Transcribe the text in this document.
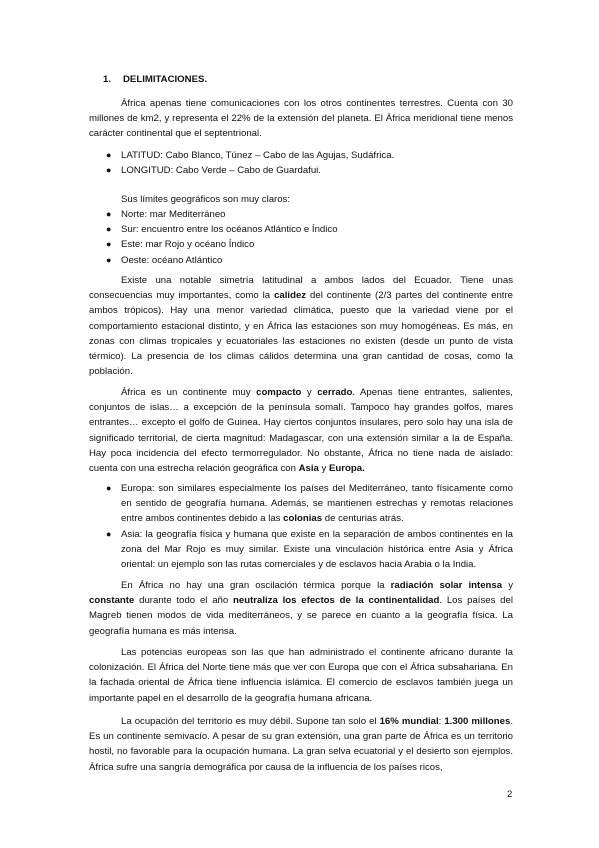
1. DELIMITACIONES.
África apenas tiene comunicaciones con los otros continentes terrestres. Cuenta con 30 millones de km2, y representa el 22% de la extensión del planeta. El África meridional tiene menos carácter continental que el septentrional.
● LATITUD: Cabo Blanco, Túnez – Cabo de las Agujas, Sudáfrica.
● LONGITUD: Cabo Verde – Cabo de Guardafui.
Sus límites geográficos son muy claros:
● Norte: mar Mediterráneo
● Sur: encuentro entre los océanos Atlántico e Índico
● Este: mar Rojo y océano Índico
● Oeste: océano Atlántico
Existe una notable simetría latitudinal a ambos lados del Ecuador. Tiene unas consecuencias muy importantes, como la calidez del continente (2/3 partes del continente entre ambos trópicos). Hay una menor variedad climática, puesto que la variedad viene por el comportamiento estacional distinto, y en África las estaciones son muy homogéneas. Es más, en zonas con climas tropicales y ecuatoriales las estaciones no existen (desde un punto de vista térmico). La presencia de los climas cálidos determina una gran cantidad de cosas, como la población.
África es un continente muy compacto y cerrado. Apenas tiene entrantes, salientes, conjuntos de islas… a excepción de la península somalí. Tampoco hay grandes golfos, mares entrantes… excepto el golfo de Guinea. Hay ciertos conjuntos insulares, pero solo hay una isla de significado territorial, de cierta magnitud: Madagascar, con una extensión similar a la de España. Hay poca incidencia del efecto termorregulador. No obstante, África no tiene nada de aislado: cuenta con una estrecha relación geográfica con Asia y Europa.
● Europa: son similares especialmente los países del Mediterráneo, tanto físicamente como en sentido de geografía humana. Además, se mantienen estrechas y remotas relaciones entre ambos continentes debido a las colonias de centurias atrás.
● Asia: la geografía física y humana que existe en la separación de ambos continentes en la zona del Mar Rojo es muy similar. Existe una vinculación histórica entre Asia y África oriental: un ejemplo son las rutas comerciales y de esclavos hacia Arabia o la India.
En África no hay una gran oscilación térmica porque la radiación solar intensa y constante durante todo el año neutraliza los efectos de la continentalidad. Los países del Magreb tienen modos de vida mediterráneos, y se parece en cuanto a la geografía física. La geografía humana es más intensa.
Las potencias europeas son las que han administrado el continente africano durante la colonización. El África del Norte tiene más que ver con Europa que con el África subsahariana. En la fachada oriental de África tiene influencia islámica. El comercio de esclavos también juega un importante papel en el desarrollo de la geografía humana africana.
La ocupación del territorio es muy débil. Supone tan solo el 16% mundial: 1.300 millones. Es un continente semivacío. A pesar de su gran extensión, una gran parte de África es un territorio hostil, no favorable para la ocupación humana. La gran selva ecuatorial y el desierto son ejemplos. África sufre una sangría demográfica por causa de la influencia de los países ricos,
2
